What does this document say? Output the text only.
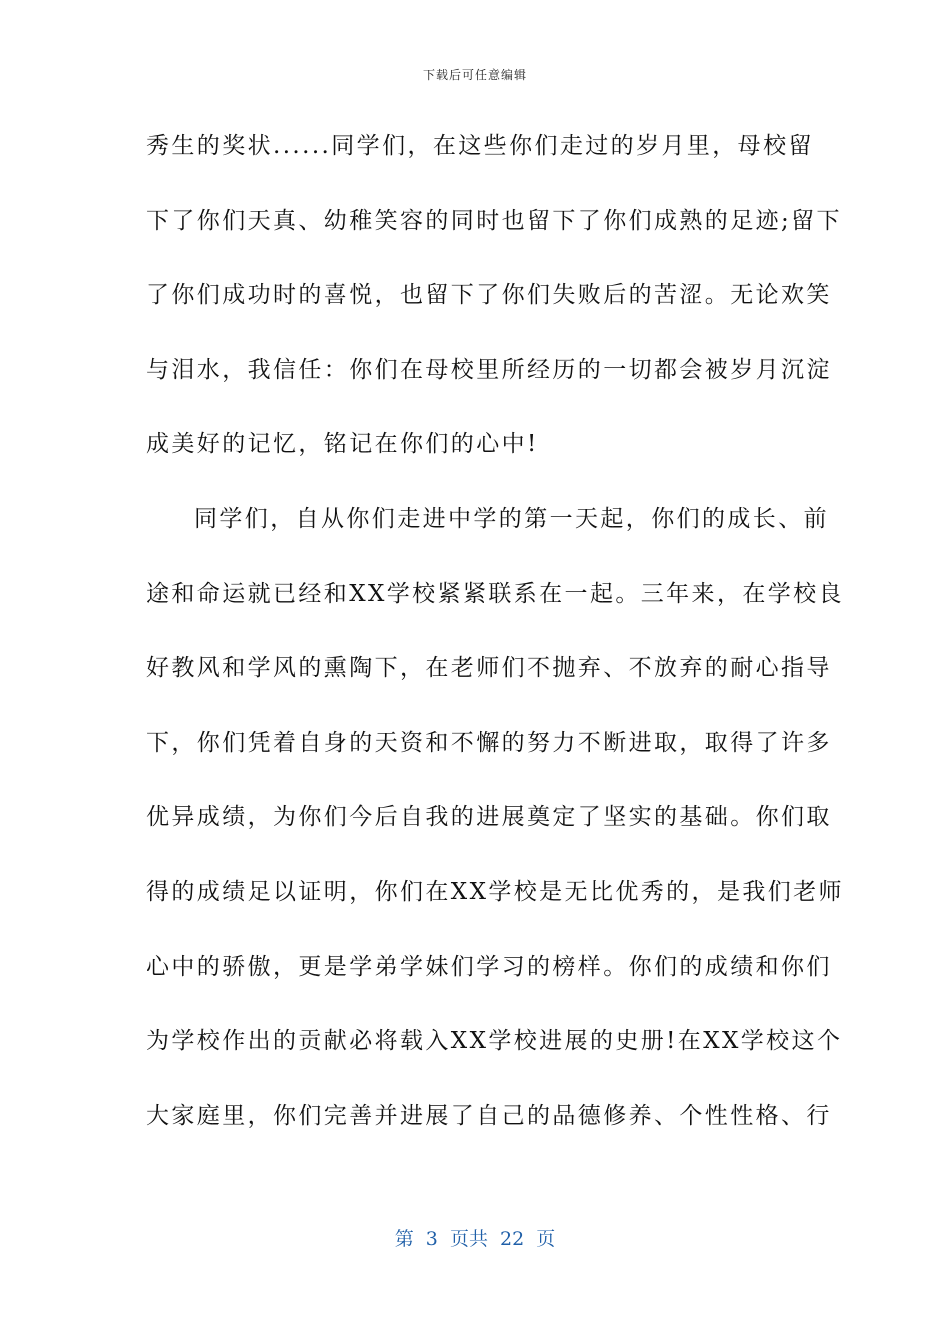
下载后可任意编辑
秀生的奖状......同学们，在这些你们走过的岁月里，母校留
下了你们天真、幼稚笑容的同时也留下了你们成熟的足迹;留下
了你们成功时的喜悦，也留下了你们失败后的苦涩。无论欢笑
与泪水，我信任：你们在母校里所经历的一切都会被岁月沉淀
成美好的记忆，铭记在你们的心中!
同学们，自从你们走进中学的第一天起，你们的成长、前
途和命运就已经和XX学校紧紧联系在一起。三年来，在学校良
好教风和学风的熏陶下，在老师们不抛弃、不放弃的耐心指导
下，你们凭着自身的天资和不懈的努力不断进取，取得了许多
优异成绩，为你们今后自我的进展奠定了坚实的基础。你们取
得的成绩足以证明，你们在XX学校是无比优秀的，是我们老师
心中的骄傲，更是学弟学妹们学习的榜样。你们的成绩和你们
为学校作出的贡献必将载入XX学校进展的史册!在XX学校这个
大家庭里，你们完善并进展了自己的品德修养、个性性格、行
第  3  页共  22  页
